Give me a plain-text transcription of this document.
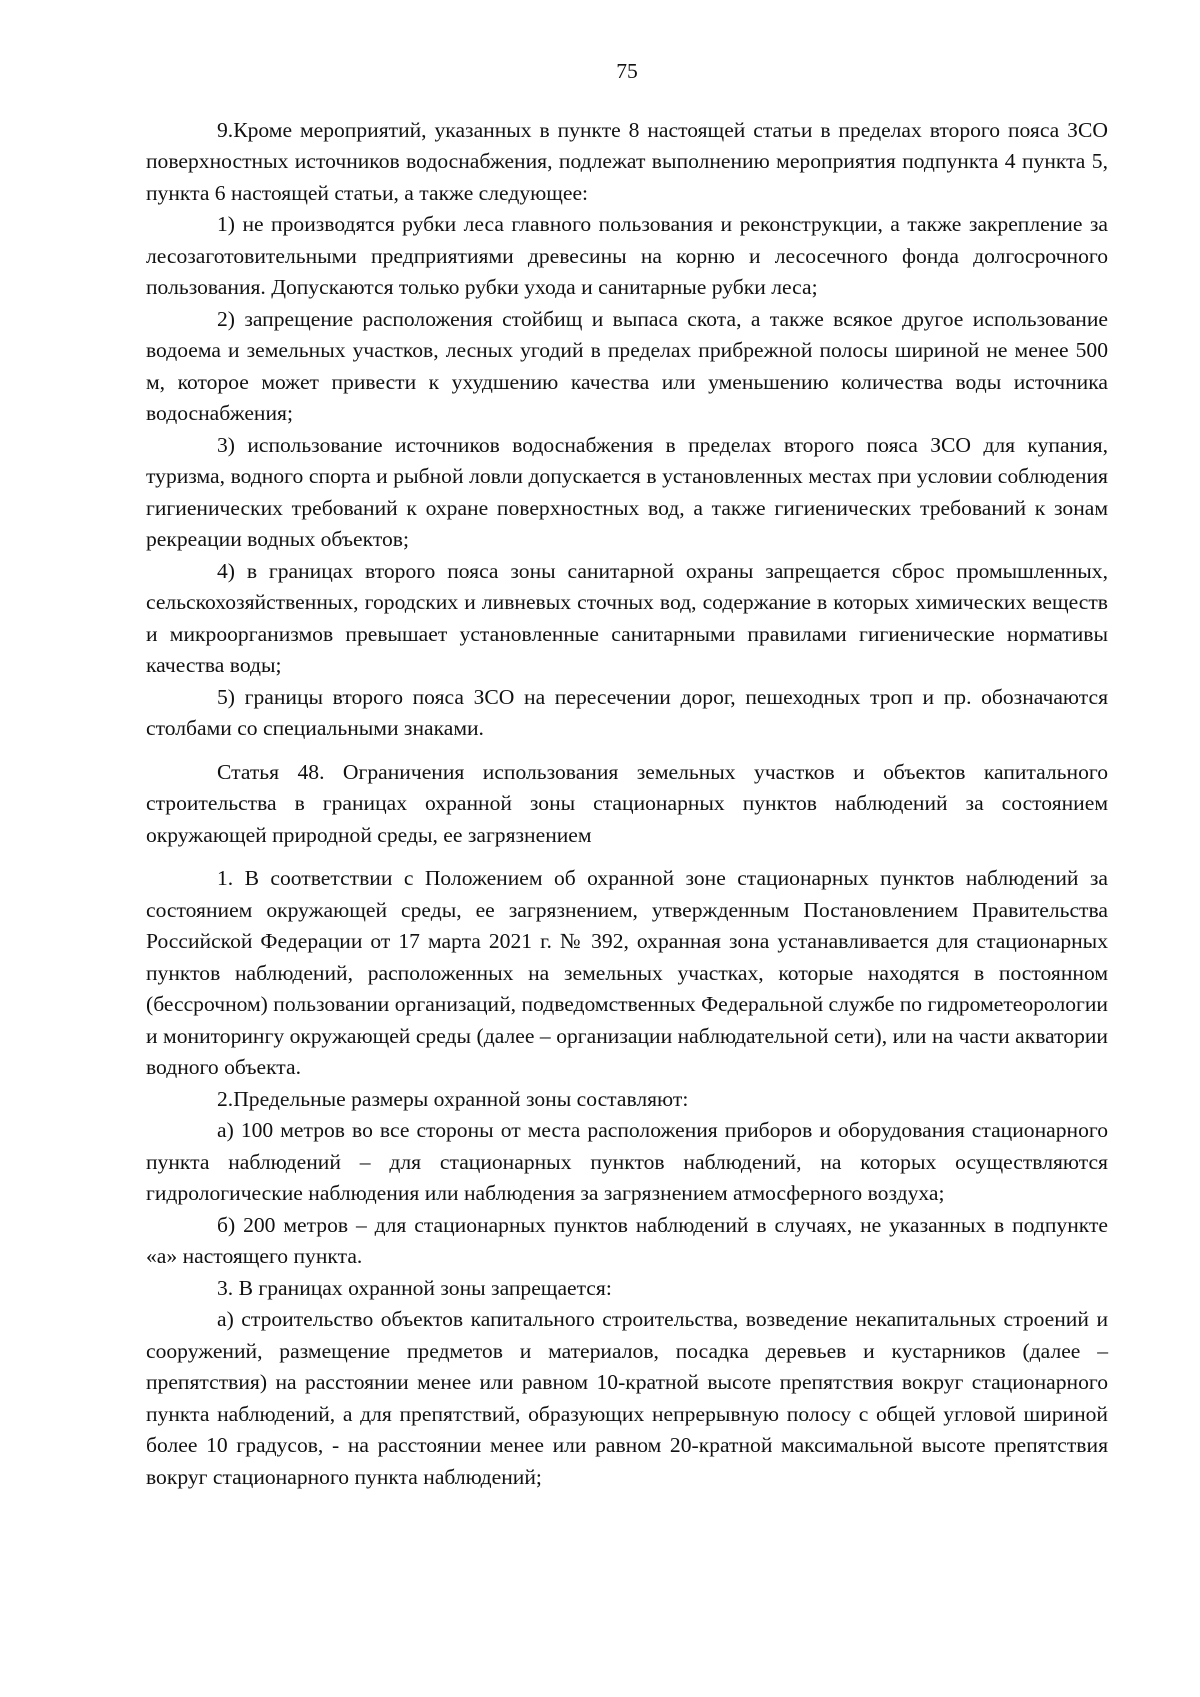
75

9.Кроме мероприятий, указанных в пункте 8 настоящей статьи в пределах второго пояса ЗСО поверхностных источников водоснабжения, подлежат выполнению мероприятия подпункта 4 пункта 5, пункта 6 настоящей статьи, а также следующее:

1) не производятся рубки леса главного пользования и реконструкции, а также закрепление за лесозаготовительными предприятиями древесины на корню и лесосечного фонда долгосрочного пользования. Допускаются только рубки ухода и санитарные рубки леса;

2) запрещение расположения стойбищ и выпаса скота, а также всякое другое использование водоема и земельных участков, лесных угодий в пределах прибрежной полосы шириной не менее 500 м, которое может привести к ухудшению качества или уменьшению количества воды источника водоснабжения;

3) использование источников водоснабжения в пределах второго пояса ЗСО для купания, туризма, водного спорта и рыбной ловли допускается в установленных местах при условии соблюдения гигиенических требований к охране поверхностных вод, а также гигиенических требований к зонам рекреации водных объектов;

4) в границах второго пояса зоны санитарной охраны запрещается сброс промышленных, сельскохозяйственных, городских и ливневых сточных вод, содержание в которых химических веществ и микроорганизмов превышает установленные санитарными правилами гигиенические нормативы качества воды;

5) границы второго пояса ЗСО на пересечении дорог, пешеходных троп и пр. обозначаются столбами со специальными знаками.

Статья 48. Ограничения использования земельных участков и объектов капитального строительства в границах охранной зоны стационарных пунктов наблюдений за состоянием окружающей природной среды, ее загрязнением

1. В соответствии с Положением об охранной зоне стационарных пунктов наблюдений за состоянием окружающей среды, ее загрязнением, утвержденным Постановлением Правительства Российской Федерации от 17 марта 2021 г. № 392, охранная зона устанавливается для стационарных пунктов наблюдений, расположенных на земельных участках, которые находятся в постоянном (бессрочном) пользовании организаций, подведомственных Федеральной службе по гидрометеорологии и мониторингу окружающей среды (далее – организации наблюдательной сети), или на части акватории водного объекта.

2.Предельные размеры охранной зоны составляют:

а) 100 метров во все стороны от места расположения приборов и оборудования стационарного пункта наблюдений – для стационарных пунктов наблюдений, на которых осуществляются гидрологические наблюдения или наблюдения за загрязнением атмосферного воздуха;

б) 200 метров – для стационарных пунктов наблюдений в случаях, не указанных в подпункте «а» настоящего пункта.

3. В границах охранной зоны запрещается:

а) строительство объектов капитального строительства, возведение некапитальных строений и сооружений, размещение предметов и материалов, посадка деревьев и кустарников (далее – препятствия) на расстоянии менее или равном 10-кратной высоте препятствия вокруг стационарного пункта наблюдений, а для препятствий, образующих непрерывную полосу с общей угловой шириной более 10 градусов, - на расстоянии менее или равном 20-кратной максимальной высоте препятствия вокруг стационарного пункта наблюдений;
